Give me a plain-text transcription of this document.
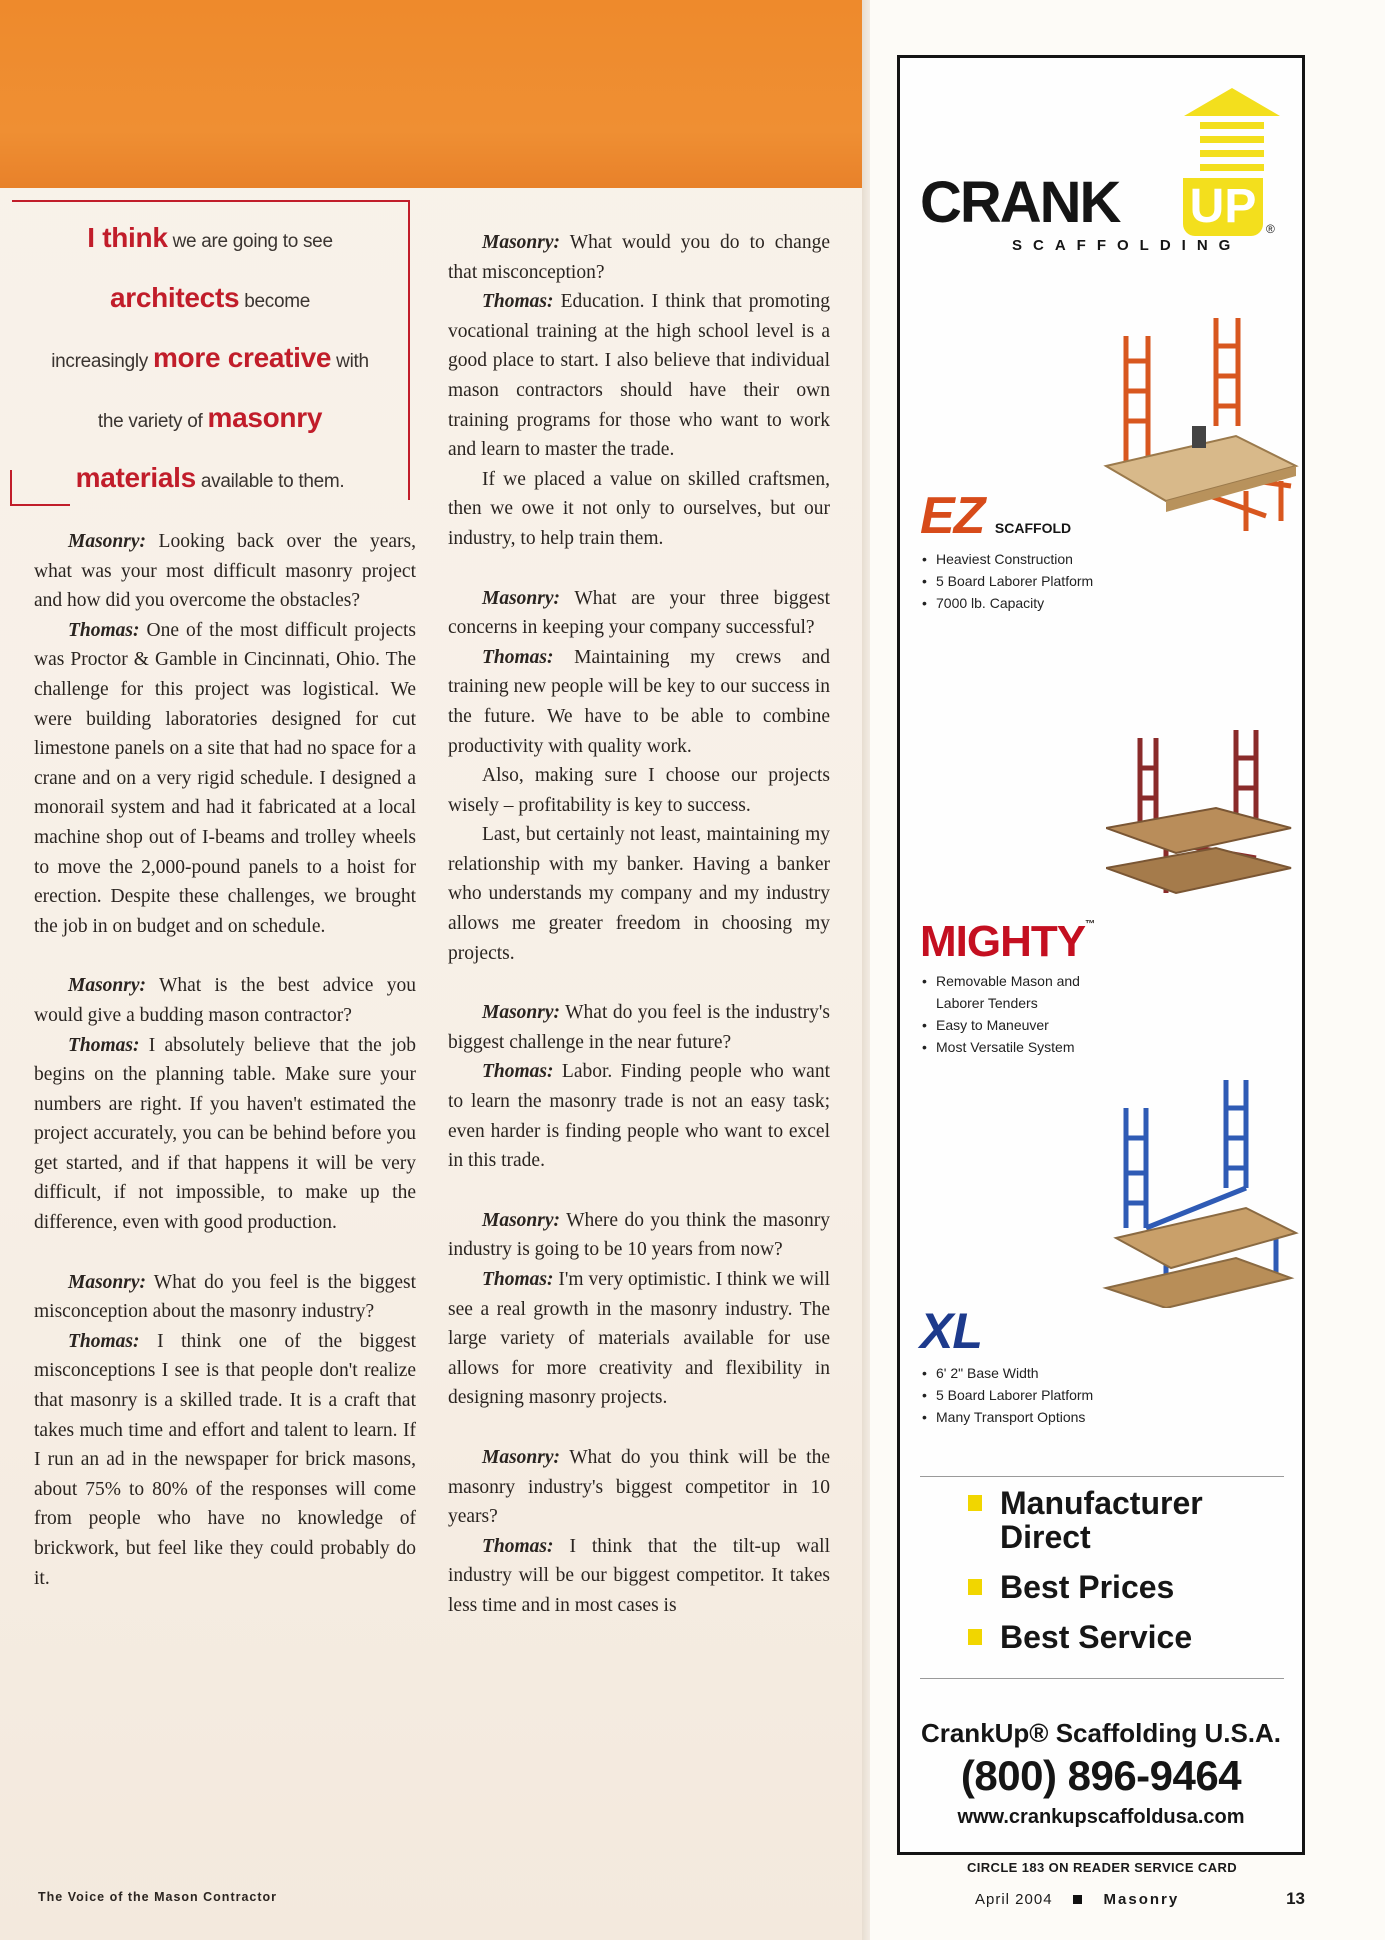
I think we are going to see
architects become
increasingly more creative with
the variety of masonry
materials available to them.

Masonry: Looking back over the years, what was your most difficult masonry project and how did you overcome the obstacles?

Thomas: One of the most difficult projects was Proctor & Gamble in Cincinnati, Ohio. The challenge for this project was logistical. We were building laboratories designed for cut limestone panels on a site that had no space for a crane and on a very rigid schedule. I designed a monorail system and had it fabricated at a local machine shop out of I-beams and trolley wheels to move the 2,000-pound panels to a hoist for erection. Despite these challenges, we brought the job in on budget and on schedule.

Masonry: What is the best advice you would give a budding mason contractor?

Thomas: I absolutely believe that the job begins on the planning table. Make sure your numbers are right. If you haven't estimated the project accurately, you can be behind before you get started, and if that happens it will be very difficult, if not impossible, to make up the difference, even with good production.

Masonry: What do you feel is the biggest misconception about the masonry industry?

Thomas: I think one of the biggest misconceptions I see is that people don't realize that masonry is a skilled trade. It is a craft that takes much time and effort and talent to learn. If I run an ad in the newspaper for brick masons, about 75% to 80% of the responses will come from people who have no knowledge of brickwork, but feel like they could probably do it.

Masonry: What would you do to change that misconception?

Thomas: Education. I think that promoting vocational training at the high school level is a good place to start. I also believe that individual mason contractors should have their own training programs for those who want to work and learn to master the trade.

If we placed a value on skilled craftsmen, then we owe it not only to ourselves, but our industry, to help train them.

Masonry: What are your three biggest concerns in keeping your company successful?

Thomas: Maintaining my crews and training new people will be key to our success in the future. We have to be able to combine productivity with quality work.

Also, making sure I choose our projects wisely – profitability is key to success.

Last, but certainly not least, maintaining my relationship with my banker. Having a banker who understands my company and my industry allows me greater freedom in choosing my projects.

Masonry: What do you feel is the industry's biggest challenge in the near future?

Thomas: Labor. Finding people who want to learn the masonry trade is not an easy task; even harder is finding people who want to excel in this trade.

Masonry: Where do you think the masonry industry is going to be 10 years from now?

Thomas: I'm very optimistic. I think we will see a real growth in the masonry industry. The large variety of materials available for use allows for more creativity and flexibility in designing masonry projects.

Masonry: What do you think will be the masonry industry's biggest competitor in 10 years?

Thomas: I think that the tilt-up wall industry will be our biggest competitor. It takes less time and in most cases is

The Voice of the Mason Contractor
CRANK UP ®
SCAFFOLDING
EZ SCAFFOLD
• Heaviest Construction
• 5 Board Laborer Platform
• 7000 lb. Capacity
MIGHTY™
• Removable Mason and Laborer Tenders
• Easy to Maneuver
• Most Versatile System
XL
• 6' 2" Base Width
• 5 Board Laborer Platform
• Many Transport Options
Manufacturer Direct
Best Prices
Best Service
CrankUp® Scaffolding U.S.A.
(800) 896-9464
www.crankupscaffoldusa.com
CIRCLE 183 ON READER SERVICE CARD
April 2004	Masonry	13
